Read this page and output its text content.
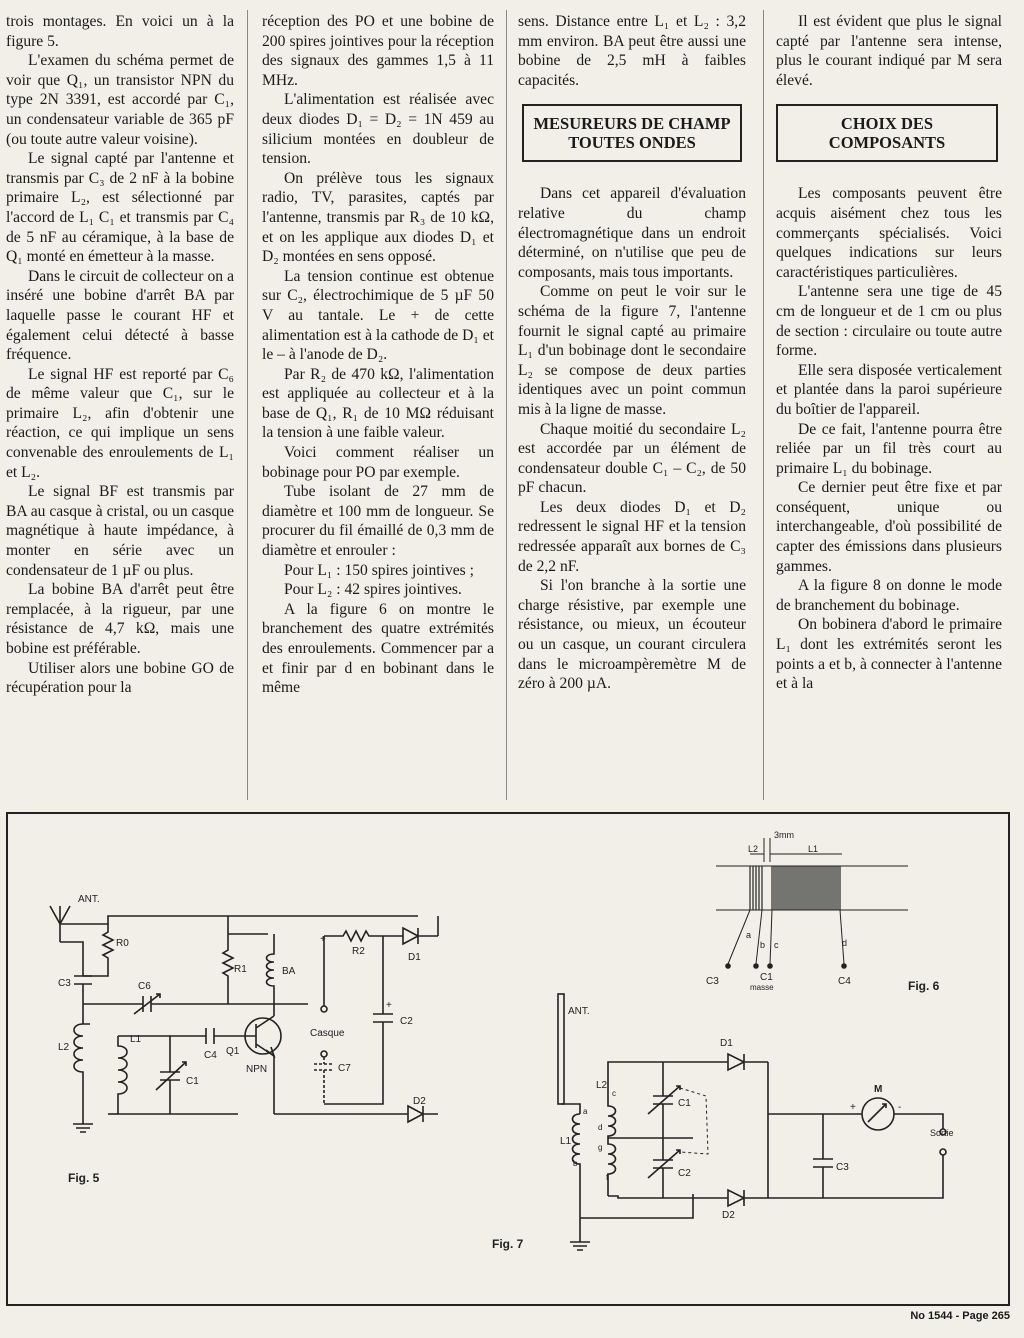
trois montages. En voici un à la figure 5.

L'examen du schéma permet de voir que Q₁, un transistor NPN du type 2N 3391, est accordé par C₁, un condensateur variable de 365 pF (ou toute autre valeur voisine).

Le signal capté par l'antenne et transmis par C₃ de 2 nF à la bobine primaire L₂, est sélectionné par l'accord de L₁ C₁ et transmis par C₄ de 5 nF au céramique, à la base de Q₁ monté en émetteur à la masse.

Dans le circuit de collecteur on a inséré une bobine d'arrêt BA par laquelle passe le courant HF et également celui détecté à basse fréquence.

Le signal HF est reporté par C₆ de même valeur que C₁, sur le primaire L₂, afin d'obtenir une réaction, ce qui implique un sens convenable des enroulements de L₁ et L₂.

Le signal BF est transmis par BA au casque à cristal, ou un casque magnétique à haute impédance, à monter en série avec un condensateur de 1 µF ou plus.

La bobine BA d'arrêt peut être remplacée, à la rigueur, par une résistance de 4,7 kΩ, mais une bobine est préférable.

Utiliser alors une bobine GO de récupération pour la

réception des PO et une bobine de 200 spires jointives pour la réception des signaux des gammes 1,5 à 11 MHz.

L'alimentation est réalisée avec deux diodes D₁ = D₂ = 1N 459 au silicium montées en doubleur de tension.

On prélève tous les signaux radio, TV, parasites, captés par l'antenne, transmis par R₃ de 10 kΩ, et on les applique aux diodes D₁ et D₂ montées en sens opposé.

La tension continue est obtenue sur C₂, électrochimique de 5 µF 50 V au tantale. Le + de cette alimentation est à la cathode de D₁ et le – à l'anode de D₂.

Par R₂ de 470 kΩ, l'alimentation est appliquée au collecteur et à la base de Q₁, R₁ de 10 MΩ réduisant la tension à une faible valeur.

Voici comment réaliser un bobinage pour PO par exemple.

Tube isolant de 27 mm de diamètre et 100 mm de longueur. Se procurer du fil émaillé de 0,3 mm de diamètre et enrouler :

Pour L₁ : 150 spires jointives ;

Pour L₂ : 42 spires jointives.

A la figure 6 on montre le branchement des quatre extrémités des enroulements. Commencer par a et finir par d en bobinant dans le même

sens. Distance entre L₁ et L₂ : 3,2 mm environ. BA peut être aussi une bobine de 2,5 mH à faibles capacités.

MESUREURS DE CHAMP TOUTES ONDES

Dans cet appareil d'évaluation relative du champ électromagnétique dans un endroit déterminé, on n'utilise que peu de composants, mais tous importants.

Comme on peut le voir sur le schéma de la figure 7, l'antenne fournit le signal capté au primaire L₁ d'un bobinage dont le secondaire L₂ se compose de deux parties identiques avec un point commun mis à la ligne de masse.

Chaque moitié du secondaire L₂ est accordée par un élément de condensateur double C₁ – C₂, de 50 pF chacun.

Les deux diodes D₁ et D₂ redressent le signal HF et la tension redressée apparaît aux bornes de C₃ de 2,2 nF.

Si l'on branche à la sortie une charge résistive, par exemple une résistance, ou mieux, un écouteur ou un casque, un courant circulera dans le microampèremètre M de zéro à 200 µA.

Il est évident que plus le signal capté par l'antenne sera intense, plus le courant indiqué par M sera élevé.

CHOIX DES COMPOSANTS

Les composants peuvent être acquis aisément chez tous les commerçants spécialisés. Voici quelques indications sur leurs caractéristiques particulières.

L'antenne sera une tige de 45 cm de longueur et de 1 cm ou plus de section : circulaire ou toute autre forme.

Elle sera disposée verticalement et plantée dans la paroi supérieure du boîtier de l'appareil.

De ce fait, l'antenne pourra être reliée par un fil très court au primaire L₁ du bobinage.

Ce dernier peut être fixe et par conséquent, unique ou interchangeable, d'où possibilité de capter des émissions dans plusieurs gammes.

A la figure 8 on donne le mode de branchement du bobinage.

On bobinera d'abord le primaire L₁ dont les extrémités seront les points a et b, à connecter à l'antenne et à la

ANT.
R0
C3
L2
C6
L1
C1
C4 Q1
NPN
R1	BA
R2
+
D1
Casque
C7
+
C2
D2
Fig. 5
3mm
L2	L1
a
b c	d
C3	C1
masse
C4	Fig. 6
ANT.
L1
a
b
L2
c
d
g
f
C1
C2
D1
D2
C3
M
+	-
Sortie
Fig. 7
No 1544 - Page 265
